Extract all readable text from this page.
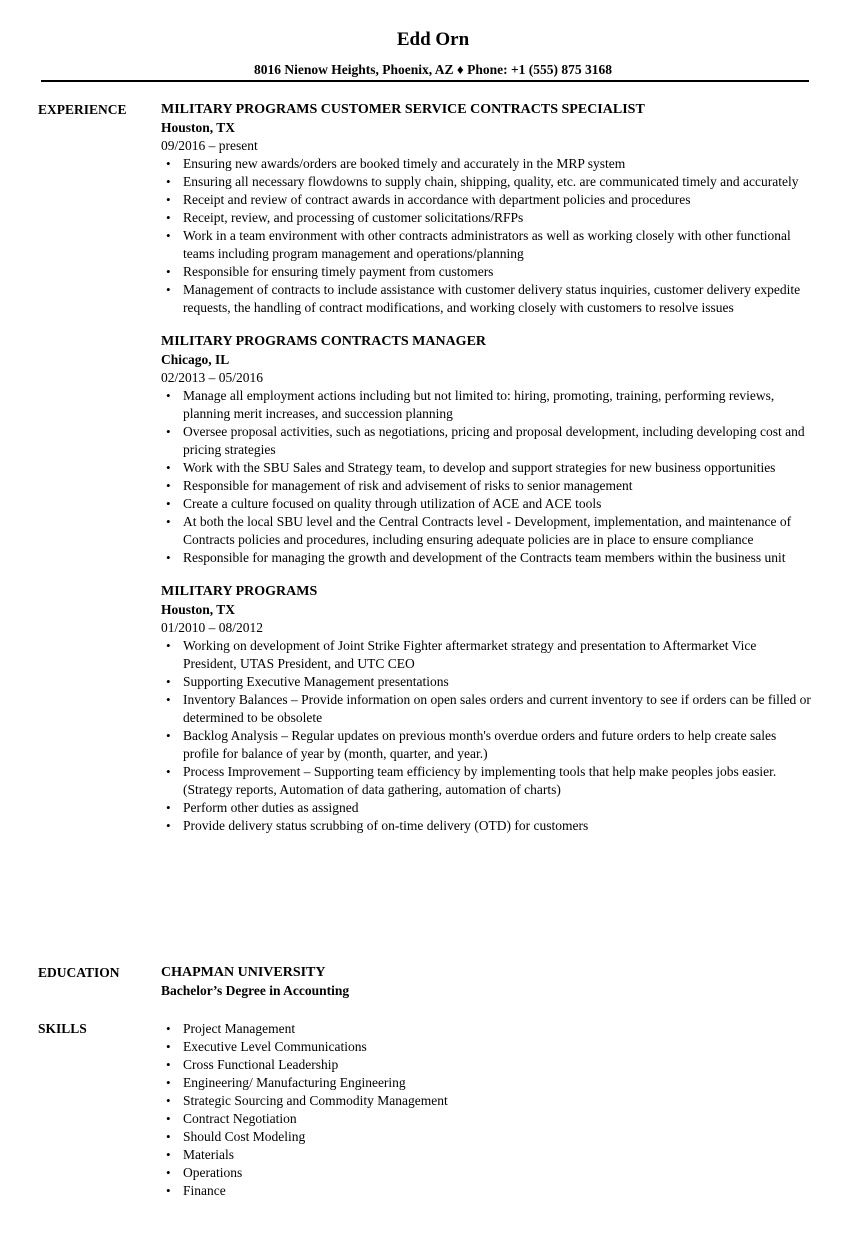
Edd Orn
8016 Nienow Heights, Phoenix, AZ ♦ Phone: +1 (555) 875 3168
EXPERIENCE MILITARY PROGRAMS CUSTOMER SERVICE CONTRACTS SPECIALIST
Houston, TX
09/2016 – present
• Ensuring new awards/orders are booked timely and accurately in the MRP system
• Ensuring all necessary flowdowns to supply chain, shipping, quality, etc. are communicated timely and accurately
• Receipt and review of contract awards in accordance with department policies and procedures
• Receipt, review, and processing of customer solicitations/RFPs
• Work in a team environment with other contracts administrators as well as working closely with other functional teams including program management and operations/planning
• Responsible for ensuring timely payment from customers
• Management of contracts to include assistance with customer delivery status inquiries, customer delivery expedite requests, the handling of contract modifications, and working closely with customers to resolve issues
MILITARY PROGRAMS CONTRACTS MANAGER
Chicago, IL
02/2013 – 05/2016
• Manage all employment actions including but not limited to: hiring, promoting, training, performing reviews, planning merit increases, and succession planning
• Oversee proposal activities, such as negotiations, pricing and proposal development, including developing cost and pricing strategies
• Work with the SBU Sales and Strategy team, to develop and support strategies for new business opportunities
• Responsible for management of risk and advisement of risks to senior management
• Create a culture focused on quality through utilization of ACE and ACE tools
• At both the local SBU level and the Central Contracts level - Development, implementation, and maintenance of Contracts policies and procedures, including ensuring adequate policies are in place to ensure compliance
• Responsible for managing the growth and development of the Contracts team members within the business unit
MILITARY PROGRAMS
Houston, TX
01/2010 – 08/2012
• Working on development of Joint Strike Fighter aftermarket strategy and presentation to Aftermarket Vice President, UTAS President, and UTC CEO
• Supporting Executive Management presentations
• Inventory Balances – Provide information on open sales orders and current inventory to see if orders can be filled or determined to be obsolete
• Backlog Analysis – Regular updates on previous month's overdue orders and future orders to help create sales profile for balance of year by (month, quarter, and year.)
• Process Improvement – Supporting team efficiency by implementing tools that help make peoples jobs easier. (Strategy reports, Automation of data gathering, automation of charts)
• Perform other duties as assigned
• Provide delivery status scrubbing of on-time delivery (OTD) for customers
EDUCATION	CHAPMAN UNIVERSITY
Bachelor’s Degree in Accounting
SKILLS
•	Project Management
• Executive Level Communications
• Cross Functional Leadership
• Engineering/ Manufacturing Engineering
• Strategic Sourcing and Commodity Management
• Contract Negotiation
• Should Cost Modeling
• Materials
• Operations
• Finance
